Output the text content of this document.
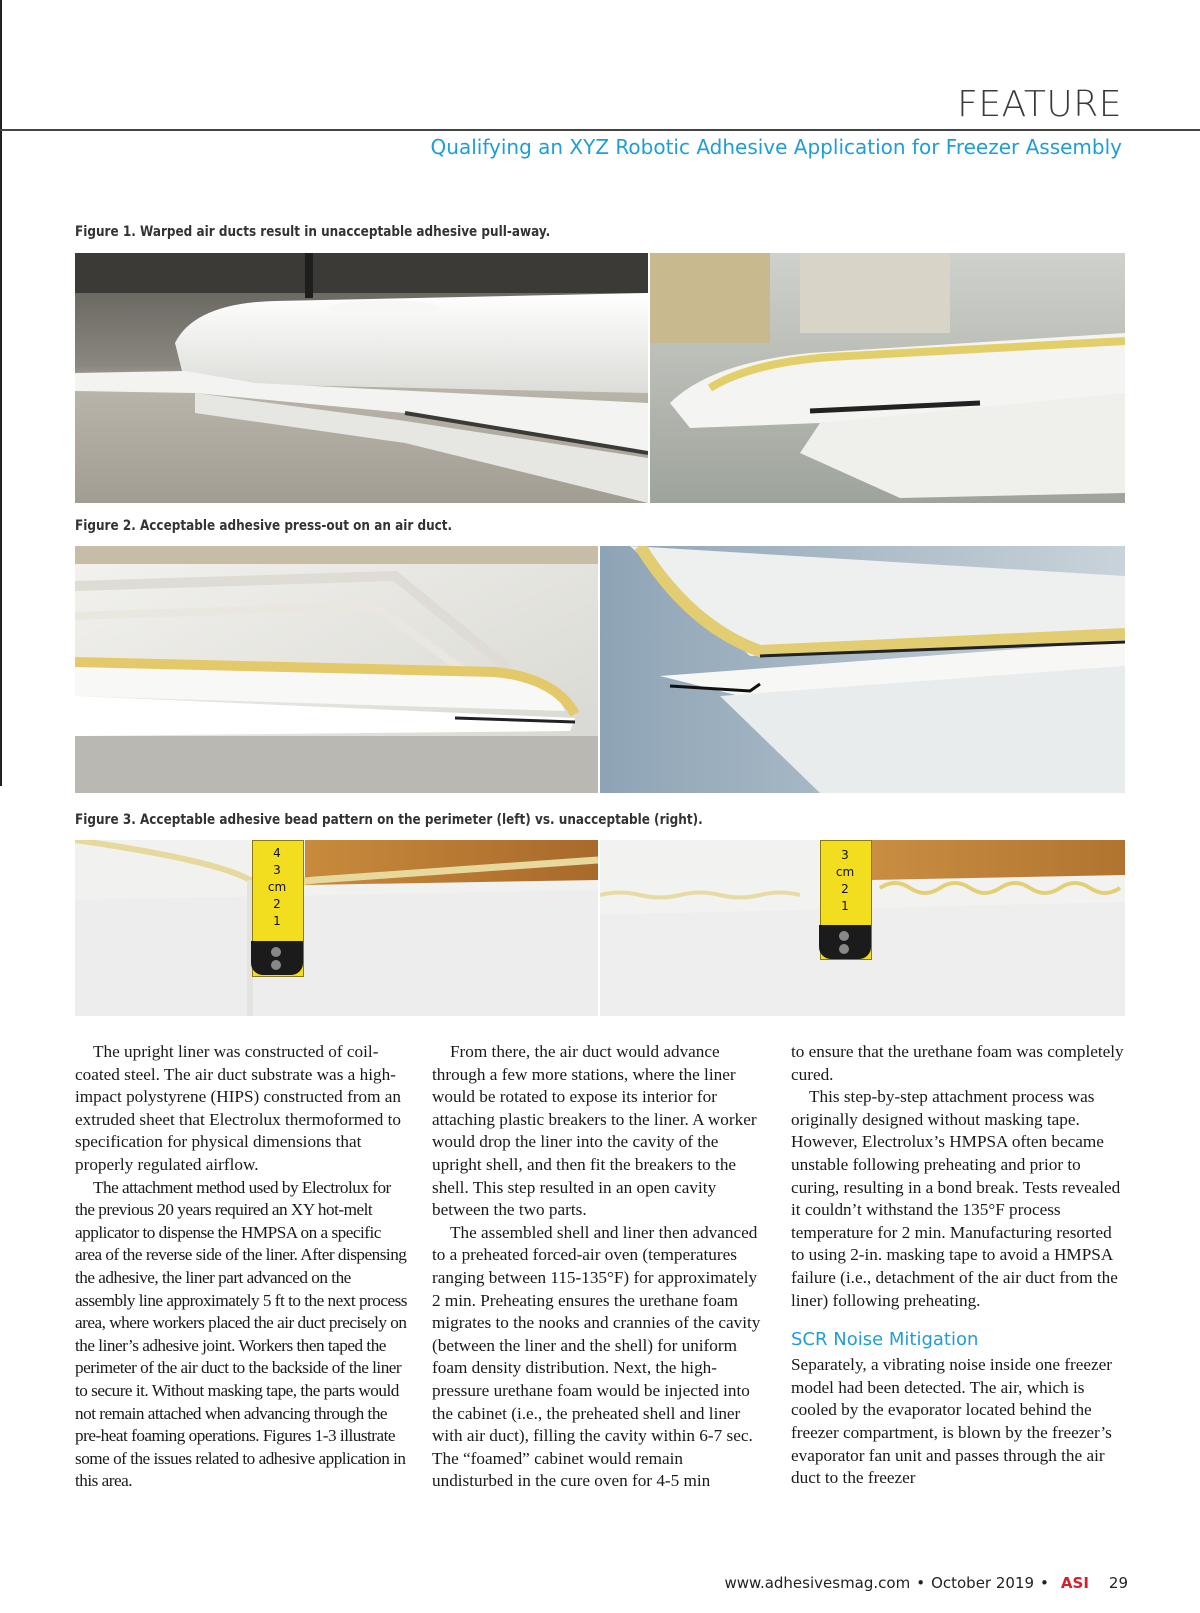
FEATURE
Qualifying an XYZ Robotic Adhesive Application for Freezer Assembly
Figure 1. Warped air ducts result in unacceptable adhesive pull-away.
Figure 2. Acceptable adhesive press-out on an air duct.
Figure 3. Acceptable adhesive bead pattern on the perimeter (left) vs. unacceptable (right).
4
3
cm
2
1
3
cm
2
1

The upright liner was constructed of coil-coated steel. The air duct substrate was a high-impact polystyrene (HIPS) constructed from an extruded sheet that Electrolux thermoformed to specification for physical dimensions that properly regulated airflow.

The attachment method used by Electrolux for the previous 20 years required an XY hot-melt applicator to dispense the HMPSA on a specific area of the reverse side of the liner. After dispensing the adhesive, the liner part advanced on the assembly line approximately 5 ft to the next process area, where workers placed the air duct precisely on the liner’s adhesive joint. Workers then taped the perimeter of the air duct to the backside of the liner to secure it. Without masking tape, the parts would not remain attached when advancing through the pre-heat foaming operations. Figures 1-3 illustrate some of the issues related to adhesive application in this area.

From there, the air duct would advance through a few more stations, where the liner would be rotated to expose its interior for attaching plastic breakers to the liner. A worker would drop the liner into the cavity of the upright shell, and then fit the breakers to the shell. This step resulted in an open cavity between the two parts.

The assembled shell and liner then advanced to a preheated forced-air oven (temperatures ranging between 115-135°F) for approximately 2 min. Preheating ensures the urethane foam migrates to the nooks and crannies of the cavity (between the liner and the shell) for uniform foam density distribution. Next, the high-pressure urethane foam would be injected into the cabinet (i.e., the preheated shell and liner with air duct), filling the cavity within 6-7 sec. The “foamed” cabinet would remain undisturbed in the cure oven for 4-5 min

to ensure that the urethane foam was completely cured.

This step-by-step attachment process was originally designed without masking tape. However, Electrolux’s HMPSA often became unstable following preheating and prior to curing, resulting in a bond break. Tests revealed it couldn’t withstand the 135°F process temperature for 2 min. Manufacturing resorted to using 2-in. masking tape to avoid a HMPSA failure (i.e., detachment of the air duct from the liner) following preheating.

SCR Noise Mitigation

Separately, a vibrating noise inside one freezer model had been detected. The air, which is cooled by the evaporator located behind the freezer compartment, is blown by the freezer’s evaporator fan unit and passes through the air duct to the freezer

www.adhesivesmag.com • October 2019 • ASI 29
